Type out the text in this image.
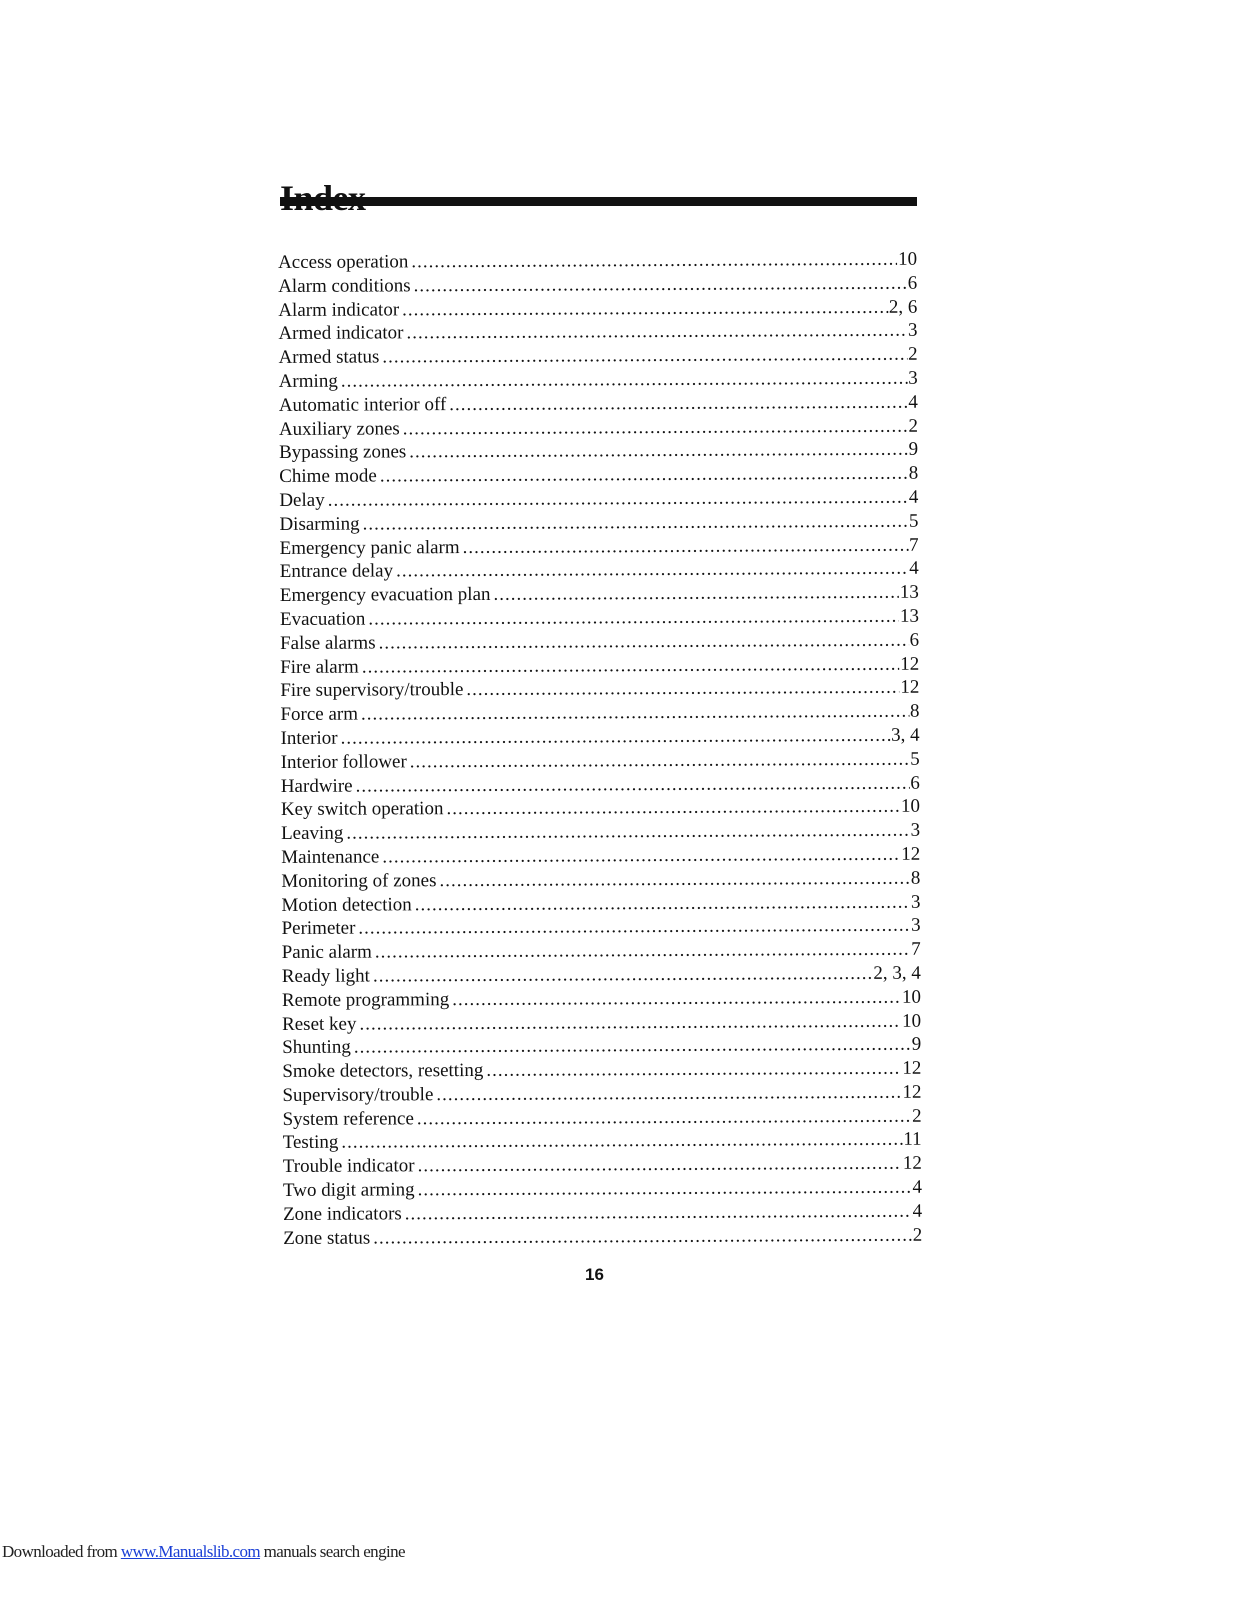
Access operation .....	10
Alarm conditions .....	6
Alarm indicator .....	2, 6
Armed indicator .....	3
Armed status .....	2
Arming .....	3
Automatic interior off .....	4
Auxiliary zones .....	2
Bypassing zones .....	9
Chime mode .....	8
Delay .....	4
Disarming .....	5
Emergency panic alarm .....	7
Entrance delay .....	4
Emergency evacuation plan .....	13
Evacuation .....	13
False alarms .....	6
Fire alarm .....	12
Fire supervisory/trouble .....	12
Force arm .....	8
Interior .....	3, 4
Interior follower .....	5
Hardwire .....	6
Key switch operation .....	10
Leaving .....	3
Maintenance .....	12
Monitoring of zones .....	8
Motion detection .....	3
Perimeter .....	3
Panic alarm .....	7
Ready light .....	2, 3, 4
Remote programming .....	10
Reset key .....	10
Shunting .....	9
Smoke detectors, resetting .....	12
Supervisory/trouble .....	12
System reference .....	2
Testing .....	11
Trouble indicator .....	12
Two digit arming .....	4
Zone indicators .....	4
Zone status .....	2
16
Downloaded from www.Manualslib.com manuals search engine
